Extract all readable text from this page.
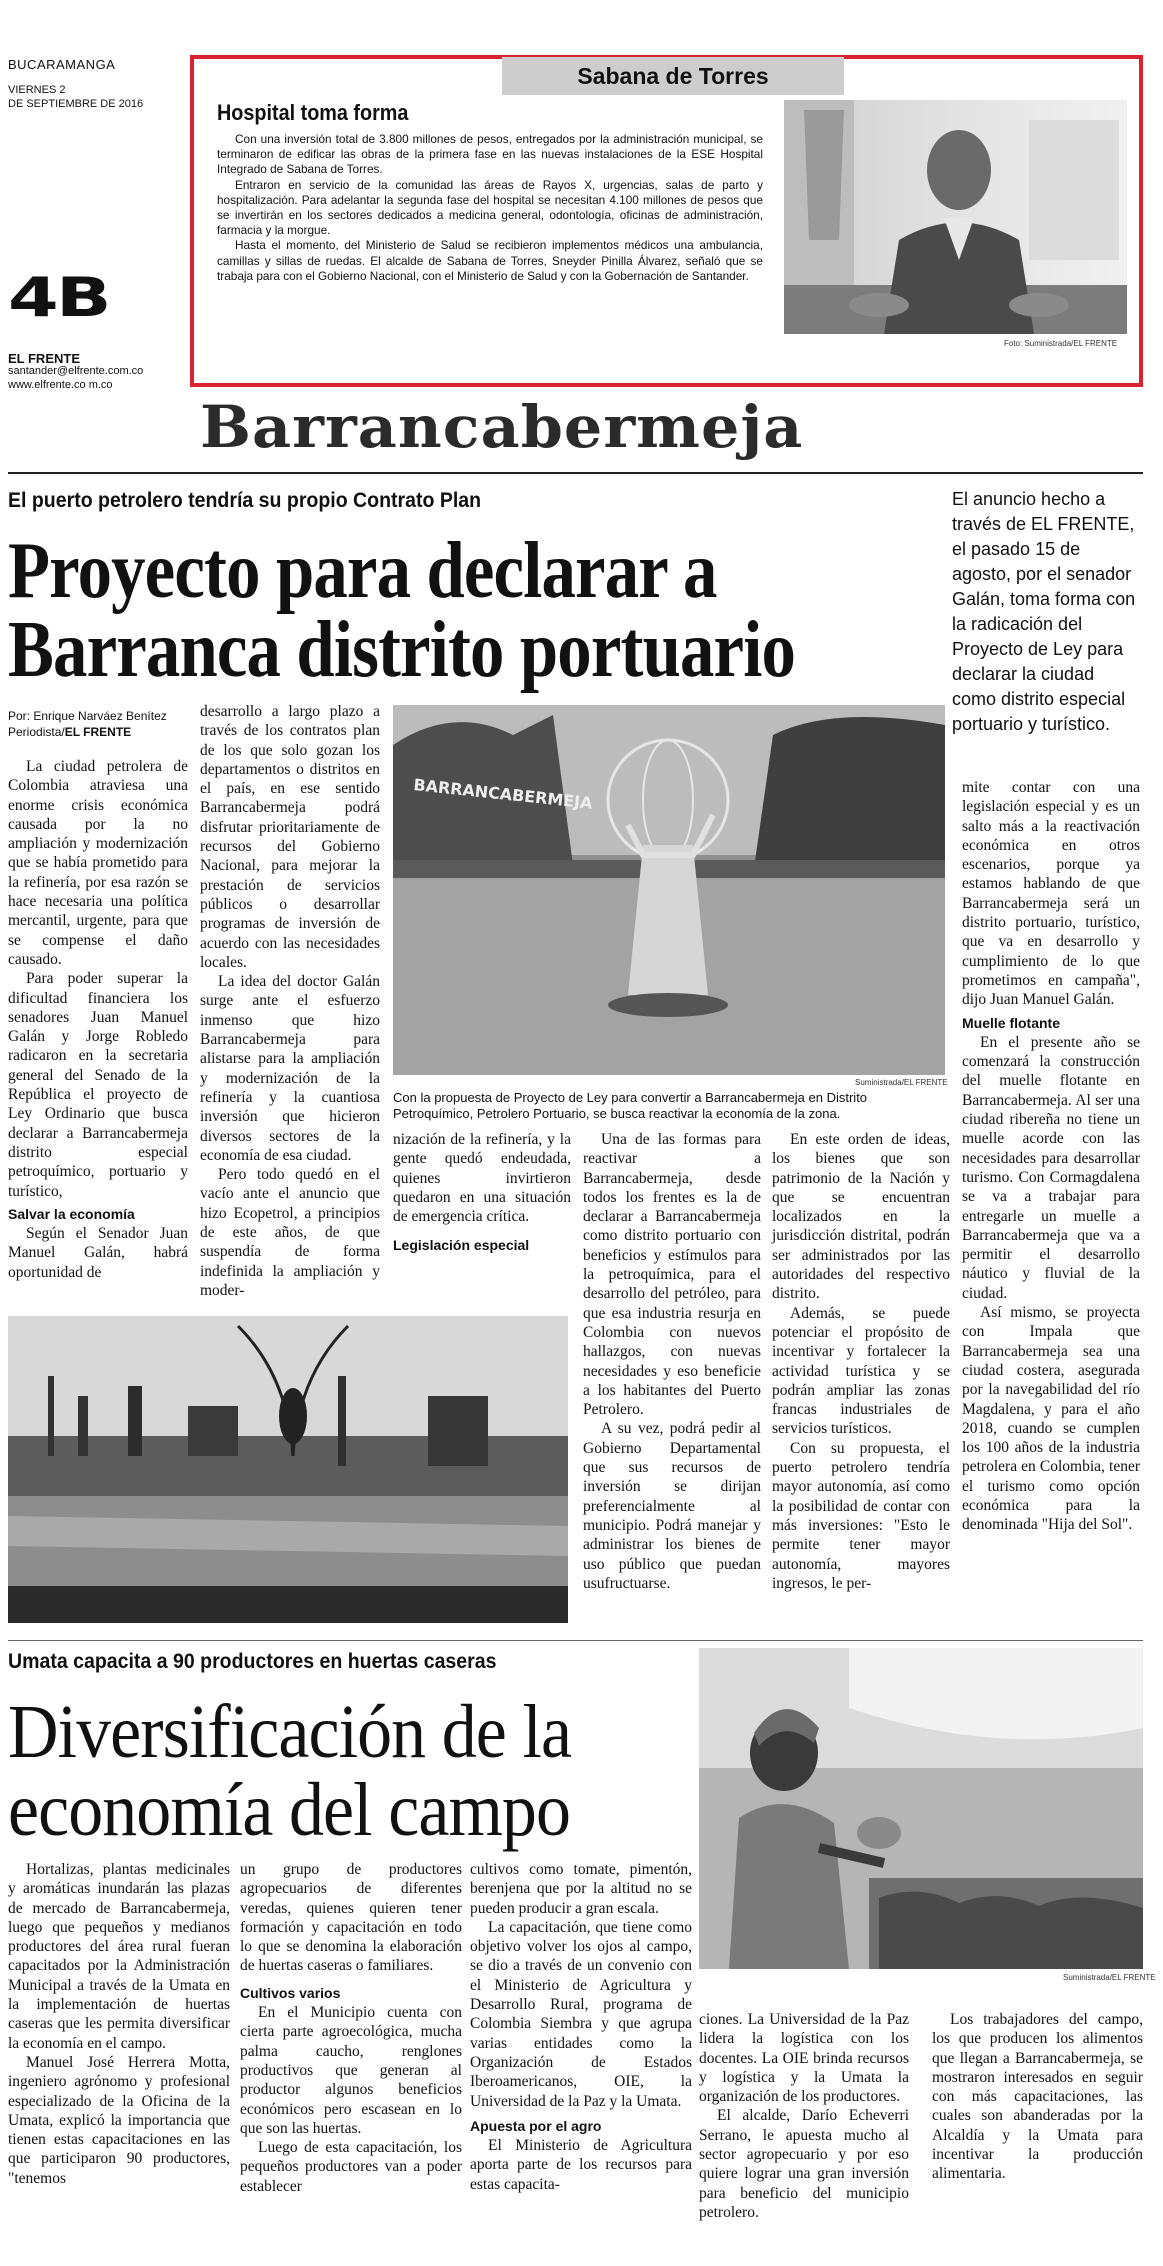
BUCARAMANGA
VIERNES 2
DE SEPTIEMBRE DE 2016
4B
EL FRENTE
santander@elfrente.com.co
www.elfrente.co m.co
Sabana de Torres
Hospital toma forma

Con una inversión total de 3.800 millones de pesos, entregados por la administración municipal, se terminaron de edificar las obras de la primera fase en las nuevas instalaciones de la ESE Hospital Integrado de Sabana de Torres.

Entraron en servicio de la comunidad las áreas de Rayos X, urgencias, salas de parto y hospitalización. Para adelantar la segunda fase del hospital se necesitan 4.100 millones de pesos que se invertirán en los sectores dedicados a medicina general, odontología, oficinas de administración, farmacia y la morgue.

Hasta el momento, del Ministerio de Salud se recibieron implementos médicos una ambulancia, camillas y sillas de ruedas. El alcalde de Sabana de Torres, Sneyder Pinilla Álvarez, señaló que se trabaja para con el Gobierno Nacional, con el Ministerio de Salud y con la Gobernación de Santander.

Foto: Suministrada/EL FRENTE
Barrancabermeja
El puerto petrolero tendría su propio Contrato Plan
Proyecto para declarar a
Barranca distrito portuario
El anuncio hecho a través de EL FRENTE, el pasado 15 de agosto, por el senador Galán, toma forma con la radicación del Proyecto de Ley para declarar la ciudad como distrito especial portuario y turístico.
Por: Enrique Narváez Benítez
Periodista/EL FRENTE

La ciudad petrolera de Colombia atraviesa una enorme crisis económica causada por la no ampliación y modernización que se había prometido para la refinería, por esa razón se hace necesaria una política mercantil, urgente, para que se compense el daño causado.

Para poder superar la dificultad financiera los senadores Juan Manuel Galán y Jorge Robledo radicaron en la secretaria general del Senado de la República el proyecto de Ley Ordinario que busca declarar a Barrancabermeja distrito especial petroquímico, portuario y turístico,

Salvar la economía

Según el Senador Juan Manuel Galán, habrá oportunidad de

desarrollo a largo plazo a través de los contratos plan de los que solo gozan los departamentos o distritos en el país, en ese sentido Barrancabermeja podrá disfrutar prioritariamente de recursos del Gobierno Nacional, para mejorar la prestación de servicios públicos o desarrollar programas de inversión de acuerdo con las necesidades locales.

La idea del doctor Galán surge ante el esfuerzo inmenso que hizo Barrancabermeja para alistarse para la ampliación y modernización de la refinería y la cuantiosa inversión que hicieron diversos sectores de la economía de esa ciudad.

Pero todo quedó en el vacío ante el anuncio que hizo Ecopetrol, a principios de este años, de que suspendía de forma indefinida la ampliación y moder-

BARRANCABERMEJA
Suministrada/EL FRENTE
Con la propuesta de Proyecto de Ley para convertir a Barrancabermeja en Distrito Petroquímico, Petrolero Portuario, se busca reactivar la economía de la zona.

nización de la refinería, y la gente quedó endeudada, quienes invirtieron quedaron en una situación de emergencia crítica.

Legislación especial

Una de las formas para reactivar a Barrancabermeja, desde todos los frentes es la de declarar a Barrancabermeja como distrito portuario con beneficios y estímulos para la petroquímica, para el desarrollo del petróleo, para que esa industria resurja en Colombia con nuevos hallazgos, con nuevas necesidades y eso beneficie a los habitantes del Puerto Petrolero.

A su vez, podrá pedir al Gobierno Departamental que sus recursos de inversión se dirijan preferencialmente al municipio. Podrá manejar y administrar los bienes de uso público que puedan usufructuarse.

En este orden de ideas, los bienes que son patrimonio de la Nación y que se encuentran localizados en la jurisdicción distrital, podrán ser administrados por las autoridades del respectivo distrito.

Además, se puede potenciar el propósito de incentivar y fortalecer la actividad turística y se podrán ampliar las zonas francas industriales de servicios turísticos.

Con su propuesta, el puerto petrolero tendría mayor autonomía, así como la posibilidad de contar con más inversiones: "Esto le permite tener mayor autonomía, mayores ingresos, le per-

mite contar con una legislación especial y es un salto más a la reactivación económica en otros escenarios, porque ya estamos hablando de que Barrancabermeja será un distrito portuario, turístico, que va en desarrollo y cumplimiento de lo que prometimos en campaña", dijo Juan Manuel Galán.

Muelle flotante

En el presente año se comenzará la construcción del muelle flotante en Barrancabermeja. Al ser una ciudad ribereña no tiene un muelle acorde con las necesidades para desarrollar turismo. Con Cormagdalena se va a trabajar para entregarle un muelle a Barrancabermeja que va a permitir el desarrollo náutico y fluvial de la ciudad.

Así mismo, se proyecta con Impala que Barrancabermeja sea una ciudad costera, asegurada por la navegabilidad del río Magdalena, y para el año 2018, cuando se cumplen los 100 años de la industria petrolera en Colombia, tener el turismo como opción económica para la denominada "Hija del Sol".

Umata capacita a 90 productores en huertas caseras
Diversificación de la
economía del campo
Suministrada/EL FRENTE

Hortalizas, plantas medicinales y aromáticas inundarán las plazas de mercado de Barrancabermeja, luego que pequeños y medianos productores del área rural fueran capacitados por la Administración Municipal a través de la Umata en la implementación de huertas caseras que les permita diversificar la economía en el campo.

Manuel José Herrera Motta, ingeniero agrónomo y profesional especializado de la Oficina de la Umata, explicó la importancia que tienen estas capacitaciones en las que participaron 90 productores, "tenemos

un grupo de productores agropecuarios de diferentes veredas, quienes quieren tener formación y capacitación en todo lo que se denomina la elaboración de huertas caseras o familiares.

Cultivos varios

En el Municipio cuenta con cierta parte agroecológica, mucha palma caucho, renglones productivos que generan al productor algunos beneficios económicos pero escasean en lo que son las huertas.

Luego de esta capacitación, los pequeños productores van a poder establecer

cultivos como tomate, pimentón, berenjena que por la altitud no se pueden producir a gran escala.

La capacitación, que tiene como objetivo volver los ojos al campo, se dio a través de un convenio con el Ministerio de Agricultura y Desarrollo Rural, programa de Colombia Siembra y que agrupa varias entidades como la Organización de Estados Iberoamericanos, OIE, la Universidad de la Paz y la Umata.

Apuesta por el agro

El Ministerio de Agricultura aporta parte de los recursos para estas capacita-

ciones. La Universidad de la Paz lidera la logística con los docentes. La OIE brinda recursos y logística y la Umata la organización de los productores.

El alcalde, Darío Echeverri Serrano, le apuesta mucho al sector agropecuario y por eso quiere lograr una gran inversión para beneficio del municipio petrolero.

Los trabajadores del campo, los que producen los alimentos que llegan a Barrancabermeja, se mostraron interesados en seguir con más capacitaciones, las cuales son abanderadas por la Alcaldía y la Umata para incentivar la producción alimentaria.
